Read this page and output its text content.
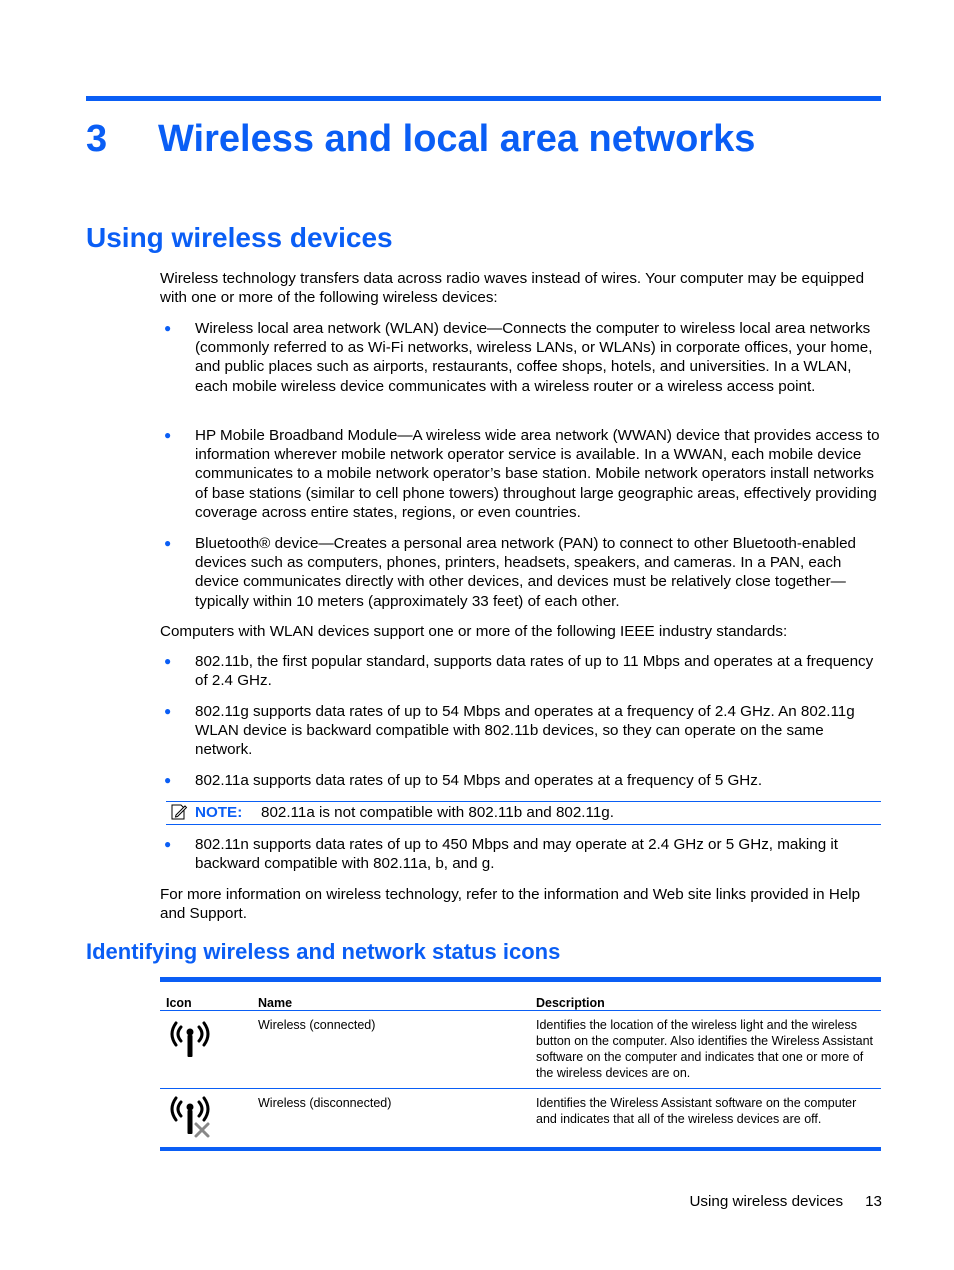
3 Wireless and local area networks
Using wireless devices

Wireless technology transfers data across radio waves instead of wires. Your computer may be equipped with one or more of the following wireless devices:

● Wireless local area network (WLAN) device—Connects the computer to wireless local area networks (commonly referred to as Wi-Fi networks, wireless LANs, or WLANs) in corporate offices, your home, and public places such as airports, restaurants, coffee shops, hotels, and universities. In a WLAN, each mobile wireless device communicates with a wireless router or a wireless access point.
● HP Mobile Broadband Module—A wireless wide area network (WWAN) device that provides access to information wherever mobile network operator service is available. In a WWAN, each mobile device communicates to a mobile network operator’s base station. Mobile network operators install networks of base stations (similar to cell phone towers) throughout large geographic areas, effectively providing coverage across entire states, regions, or even countries.
● Bluetooth® device—Creates a personal area network (PAN) to connect to other Bluetooth-enabled devices such as computers, phones, printers, headsets, speakers, and cameras. In a PAN, each device communicates directly with other devices, and devices must be relatively close together—typically within 10 meters (approximately 33 feet) of each other.

Computers with WLAN devices support one or more of the following IEEE industry standards:

● 802.11b, the first popular standard, supports data rates of up to 11 Mbps and operates at a frequency of 2.4 GHz.
● 802.11g supports data rates of up to 54 Mbps and operates at a frequency of 2.4 GHz. An 802.11g WLAN device is backward compatible with 802.11b devices, so they can operate on the same network.
● 802.11a supports data rates of up to 54 Mbps and operates at a frequency of 5 GHz.
NOTE: 802.11a is not compatible with 802.11b and 802.11g.
● 802.11n supports data rates of up to 450 Mbps and may operate at 2.4 GHz or 5 GHz, making it backward compatible with 802.11a, b, and g.

For more information on wireless technology, refer to the information and Web site links provided in Help and Support.

Identifying wireless and network status icons
Icon	Name	Description
Wireless (connected)	Identifies the location of the wireless light and the wireless button on the computer. Also identifies the Wireless Assistant software on the computer and indicates that one or more of the wireless devices are on.
Wireless (disconnected)	Identifies the Wireless Assistant software on the computer and indicates that all of the wireless devices are off.
Using wireless devices 13
